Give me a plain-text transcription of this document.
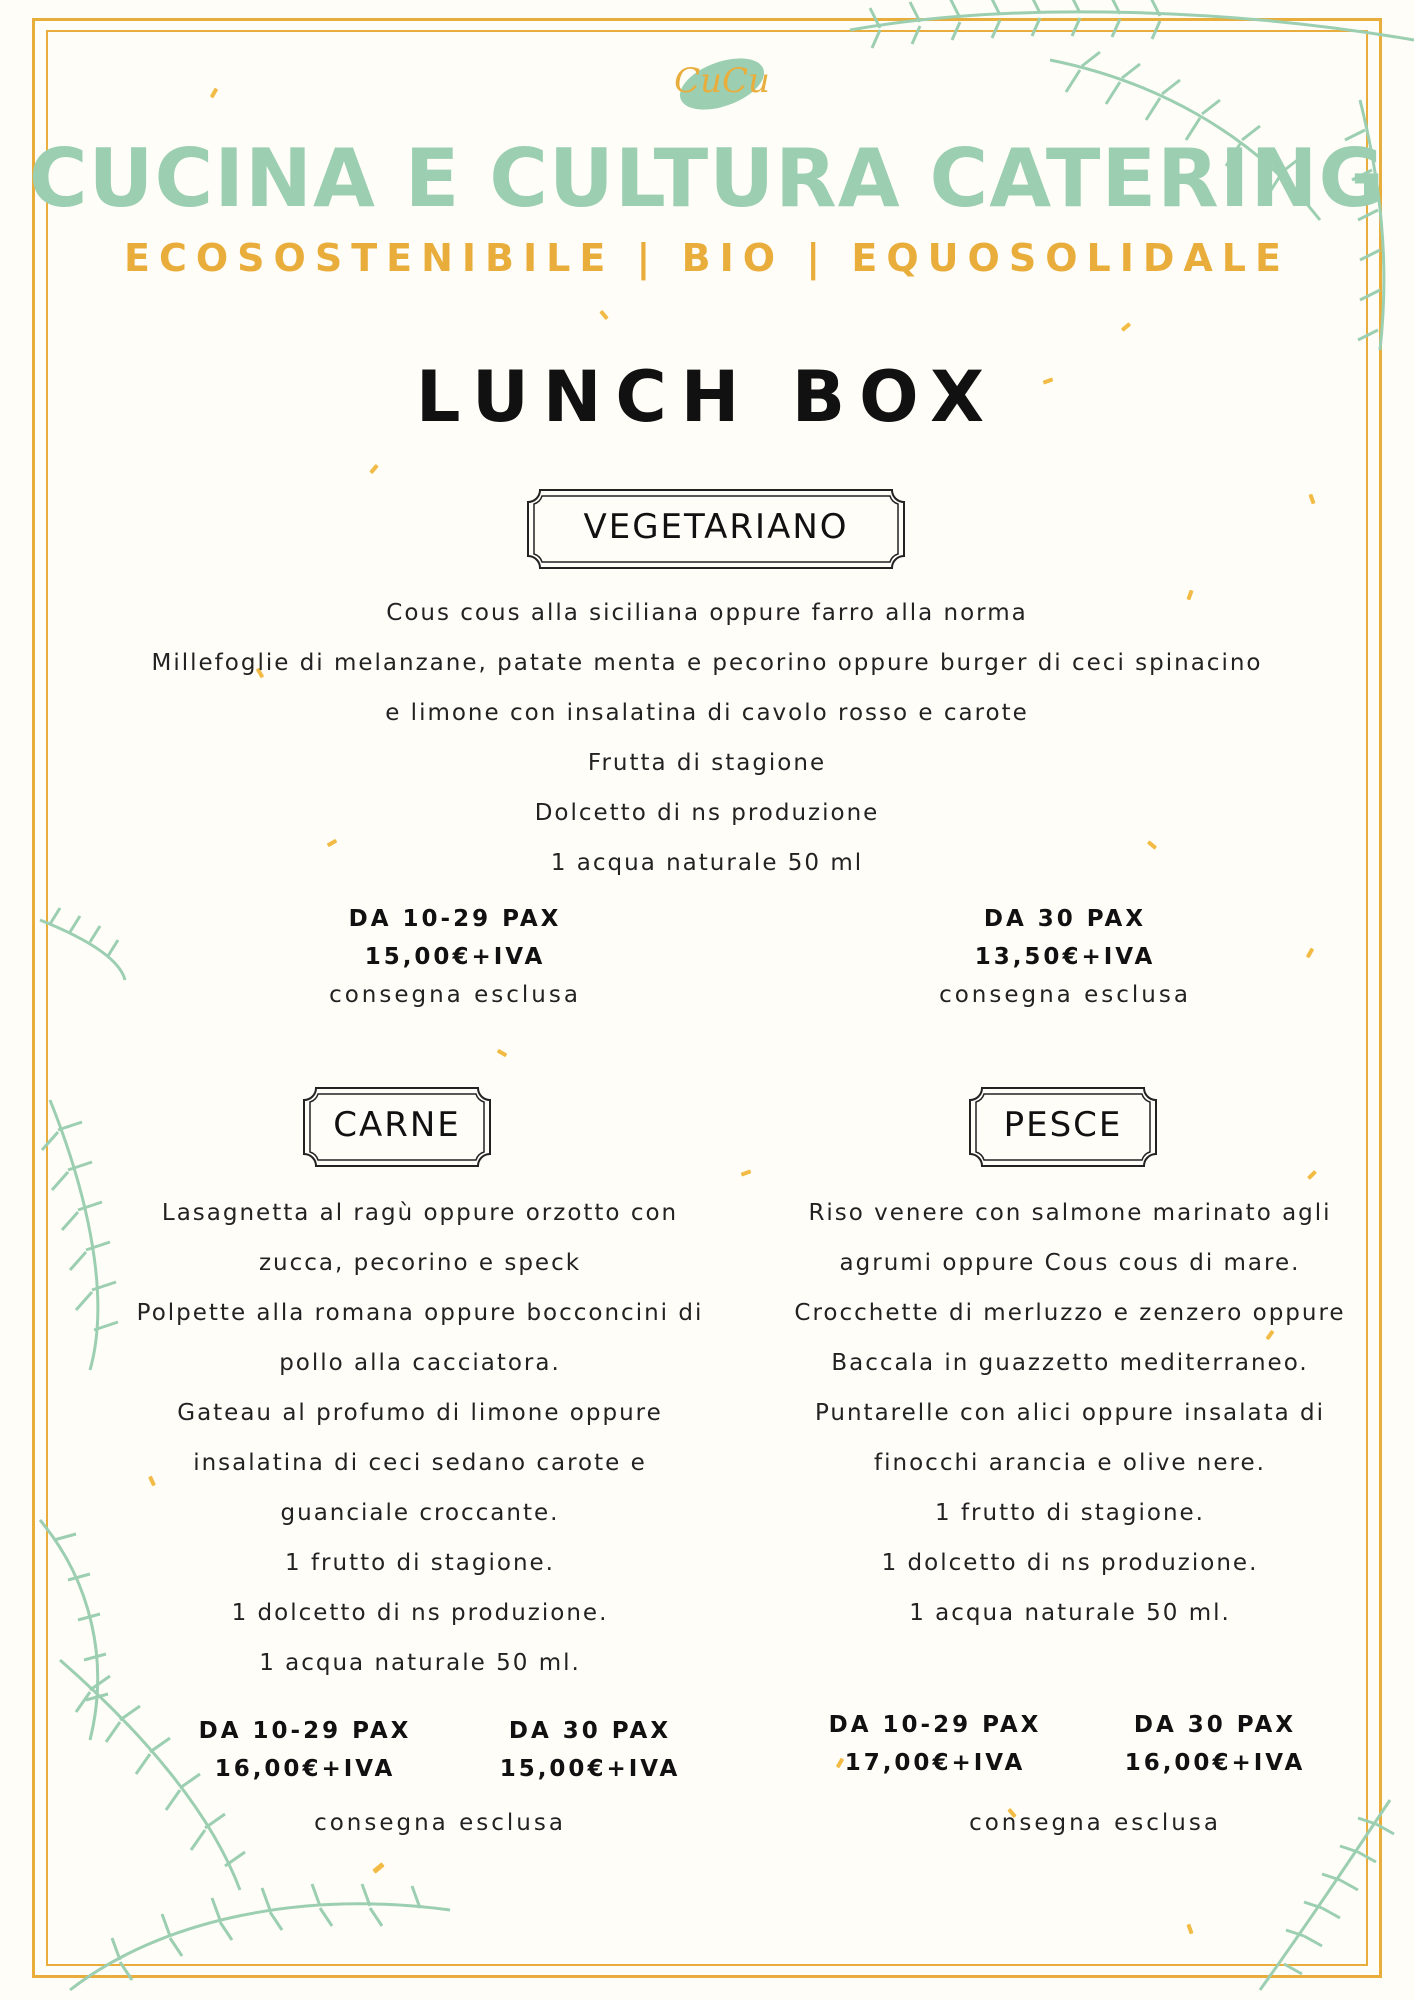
CuCu
CUCINA E CULTURA CATERING
ECOSOSTENIBILE | BIO | EQUOSOLIDALE
LUNCH BOX
VEGETARIANO
Cous cous alla siciliana oppure farro alla norma
Millefoglie di melanzane, patate menta e pecorino oppure burger di ceci spinacino
e limone con insalatina di cavolo rosso e carote
Frutta di stagione
Dolcetto di ns produzione
1 acqua naturale 50 ml
DA 10-29 PAX
15,00€+IVA
consegna esclusa
DA 30 PAX
13,50€+IVA
consegna esclusa
CARNE	PESCE
Lasagnetta al ragù oppure orzotto con
zucca, pecorino e speck
Polpette alla romana oppure bocconcini di
pollo alla cacciatora.
Gateau al profumo di limone oppure
insalatina di ceci sedano carote e
guanciale croccante.
1 frutto di stagione.
1 dolcetto di ns produzione.
1 acqua naturale 50 ml.
Riso venere con salmone marinato agli
agrumi oppure Cous cous di mare.
Crocchette di merluzzo e zenzero oppure
Baccala in guazzetto mediterraneo.
Puntarelle con alici oppure insalata di
finocchi arancia e olive nere.
1 frutto di stagione.
1 dolcetto di ns produzione.
1 acqua naturale 50 ml.
DA 10-29 PAX
16,00€+IVA
DA 30 PAX
15,00€+IVA
consegna esclusa
DA 10-29 PAX
17,00€+IVA
DA 30 PAX
16,00€+IVA
consegna esclusa
